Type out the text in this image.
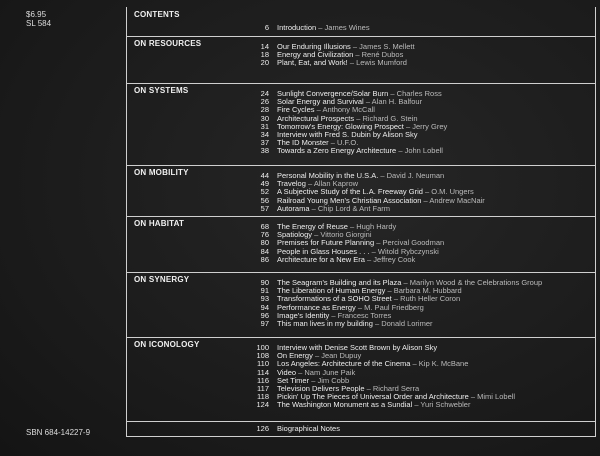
$6.95
SL 584
SBN 684-14227-9
CONTENTS
6 Introduction – James Wines
ON RESOURCES	14 Our Enduring Illusions – James S. Mellett
18 Energy and Civilization – René Dubos
20 Plant, Eat, and Work! – Lewis Mumford
ON SYSTEMS	24 Sunlight Convergence/Solar Burn – Charles Ross
26 Solar Energy and Survival – Alan H. Balfour
28 Fire Cycles – Anthony McCall
30 Architectural Prospects – Richard G. Stein
31 Tomorrow's Energy: Glowing Prospect – Jerry Grey
34 Interview with Fred S. Dubin by Alison Sky
37 The ID Monster – U.F.O.
38 Towards a Zero Energy Architecture – John Lobell
ON MOBILITY	44 Personal Mobility in the U.S.A. – David J. Neuman
49 Travelog – Allan Kaprow
52 A Subjective Study of the L.A. Freeway Grid – O.M. Ungers
56 Railroad Young Men's Christian Association – Andrew MacNair
57 Autorama – Chip Lord & Ant Farm
ON HABITAT	68 The Energy of Reuse – Hugh Hardy
76 Spatiology – Vittorio Giorgini
80 Premises for Future Planning – Percival Goodman
84 People in Glass Houses . . . – Witold Rybczynski
86 Architecture for a New Era – Jeffrey Cook
ON SYNERGY	90 The Seagram's Building and its Plaza – Marilyn Wood & the Celebrations Group
91 The Liberation of Human Energy – Barbara M. Hubbard
93 Transformations of a SOHO Street – Ruth Heller Coron
94 Performance as Energy – M. Paul Friedberg
96 Image's Identity – Francesc Torres
97 This man lives in my building – Donald Lorimer
ON ICONOLOGY	100 Interview with Denise Scott Brown by Alison Sky
108 On Energy – Jean Dupuy
110 Los Angeles: Architecture of the Cinema – Kip K. McBane
114 Video – Nam June Paik
116 Set Timer – Jim Cobb
117 Television Delivers People – Richard Serra
118 Pickin' Up The Pieces of Universal Order and Architecture – Mimi Lobell
124 The Washington Monument as a Sundial – Yuri Schwebler
126 Biographical Notes
